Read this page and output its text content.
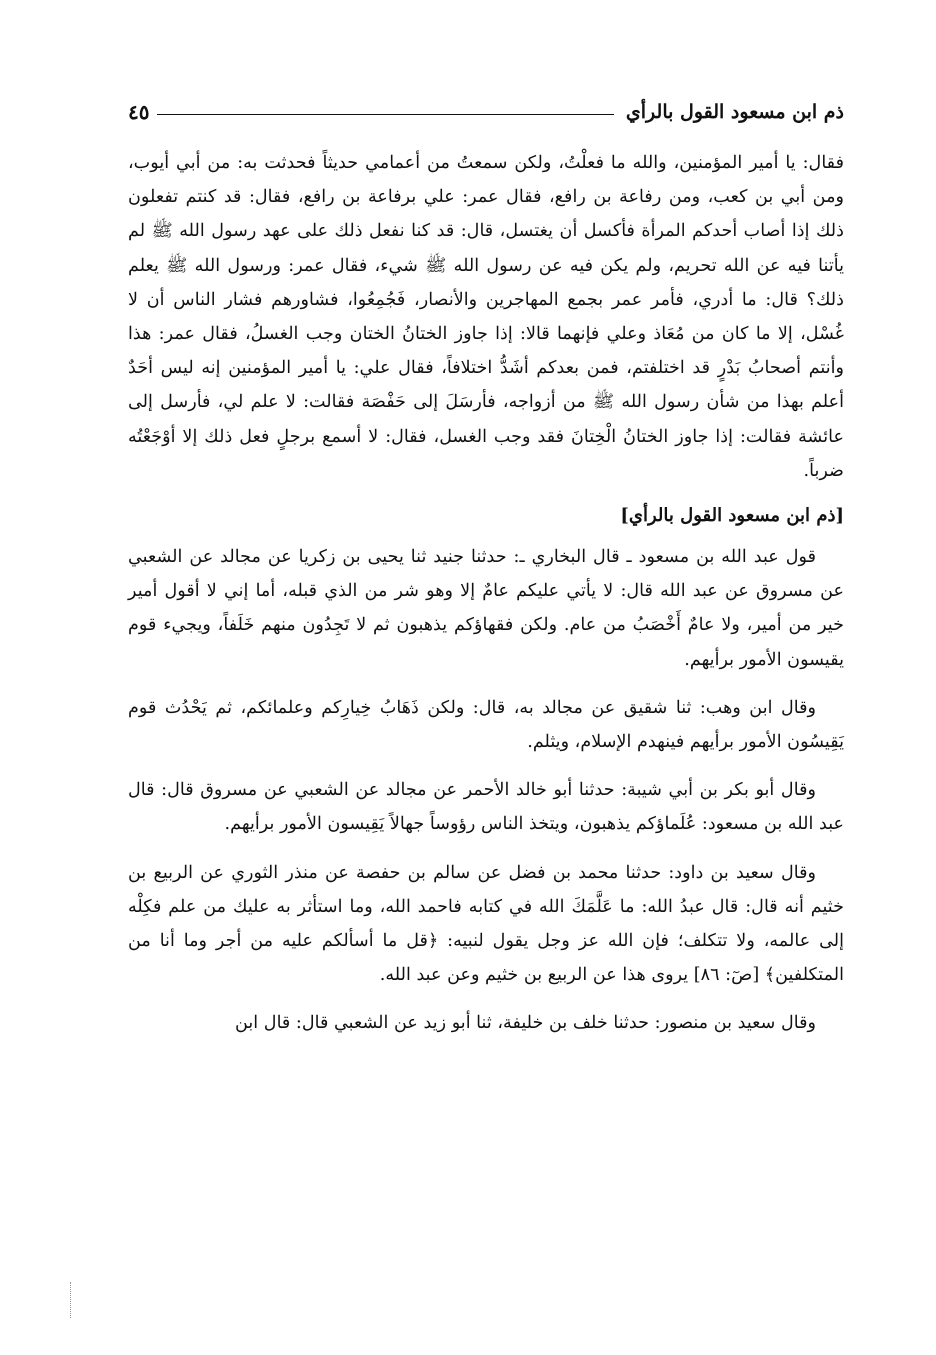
ذم ابن مسعود القول بالرأي
٤٥

فقال: يا أمير المؤمنين، والله ما فعلْتُ، ولكن سمعتُ من أعمامي حديثاً فحدثت به: من أبي أيوب، ومن أبي بن كعب، ومن رفاعة بن رافع، فقال عمر: علي برفاعة بن رافع، فقال: قد كنتم تفعلون ذلك إذا أصاب أحدكم المرأة فأكسل أن يغتسل، قال: قد كنا نفعل ذلك على عهد رسول الله ﷺ لم يأتنا فيه عن الله تحريم، ولم يكن فيه عن رسول الله ﷺ شيء، فقال عمر: ورسول الله ﷺ يعلم ذلك؟ قال: ما أدري، فأمر عمر بجمع المهاجرين والأنصار، فَجُمِعُوا، فشاورهم فشار الناس أن لا غُسْل، إلا ما كان من مُعَاذ وعلي فإنهما قالا: إذا جاوز الختانُ الختان وجب الغسلُ، فقال عمر: هذا وأنتم أصحابُ بَدْرٍ قد اختلفتم، فمن بعدكم أشَدُّ اختلافاً، فقال علي: يا أمير المؤمنين إنه ليس أحَدٌ أعلم بهذا من شأن رسول الله ﷺ من أزواجه، فأرسَلَ إلى حَفْصَة فقالت: لا علم لي، فأرسل إلى عائشة فقالت: إذا جاوز الختانُ الْخِتانَ فقد وجب الغسل، فقال: لا أسمع برجلٍ فعل ذلك إلا أوْجَعْتُه ضرباً.

[ذم ابن مسعود القول بالرأي]

قول عبد الله بن مسعود ـ قال البخاري ـ: حدثنا جنيد ثنا يحيى بن زكريا عن مجالد عن الشعبي عن مسروق عن عبد الله قال: لا يأتي عليكم عامٌ إلا وهو شر من الذي قبله، أما إني لا أقول أمير خير من أمير، ولا عامٌ أَخْصَبُ من عام. ولكن فقهاؤكم يذهبون ثم لا تَجِدُون منهم خَلَفاً، ويجيء قوم يقيسون الأمور برأيهم.

وقال ابن وهب: ثنا شقيق عن مجالد به، قال: ولكن ذَهَابُ خِيارِكم وعلمائكم، ثم يَحْدُث قوم يَقِيسُون الأمور برأيهم فينهدم الإسلام، ويثلم.

وقال أبو بكر بن أبي شيبة: حدثنا أبو خالد الأحمر عن مجالد عن الشعبي عن مسروق قال: قال عبد الله بن مسعود: عُلَماؤكم يذهبون، ويتخذ الناس رؤوساً جهالاً يَقِيسون الأمور برأيهم.

وقال سعيد بن داود: حدثنا محمد بن فضل عن سالم بن حفصة عن منذر الثوري عن الربيع بن خثيم أنه قال: قال عبدُ الله: ما عَلَّمَكَ الله في كتابه فاحمد الله، وما استأثر به عليك من علم فكِلْه إلى عالمه، ولا تتكلف؛ فإن الله عز وجل يقول لنبيه: ﴿قل ما أسألكم عليه من أجر وما أنا من المتكلفين﴾ [صٓ: ٨٦] يروى هذا عن الربيع بن خثيم وعن عبد الله.

وقال سعيد بن منصور: حدثنا خلف بن خليفة، ثنا أبو زيد عن الشعبي قال: قال ابن
